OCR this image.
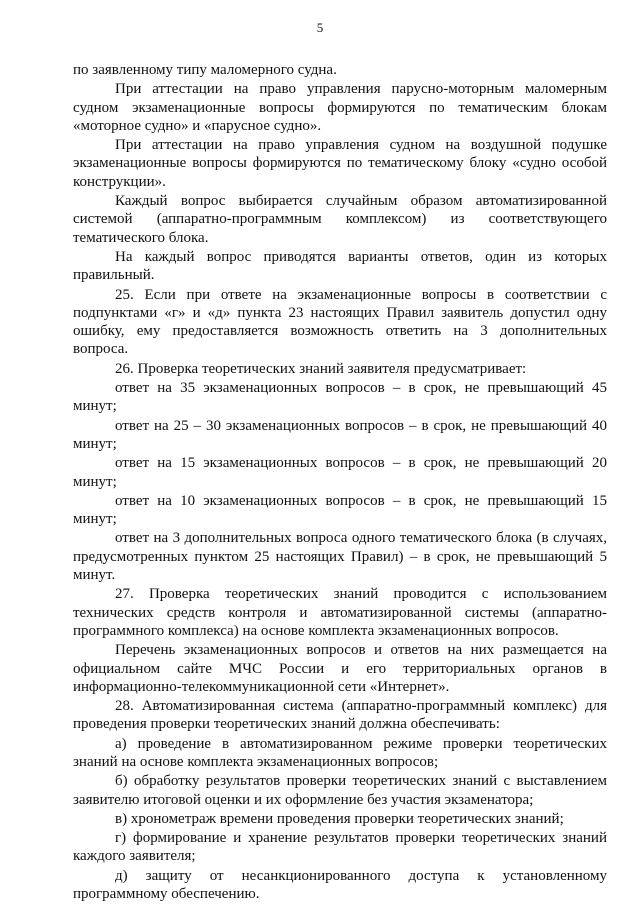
5

по заявленному типу маломерного судна.

При аттестации на право управления парусно-моторным маломерным судном экзаменационные вопросы формируются по тематическим блокам «моторное судно» и «парусное судно».

При аттестации на право управления судном на воздушной подушке экзаменационные вопросы формируются по тематическому блоку «судно особой конструкции».

Каждый вопрос выбирается случайным образом автоматизированной системой (аппаратно-программным комплексом) из соответствующего тематического блока.

На каждый вопрос приводятся варианты ответов, один из которых правильный.

25. Если при ответе на экзаменационные вопросы в соответствии с подпунктами «г» и «д» пункта 23 настоящих Правил заявитель допустил одну ошибку, ему предоставляется возможность ответить на 3 дополнительных вопроса.

26. Проверка теоретических знаний заявителя предусматривает:

ответ на 35 экзаменационных вопросов – в срок, не превышающий 45 минут;

ответ на 25 – 30 экзаменационных вопросов – в срок, не превышающий 40 минут;

ответ на 15 экзаменационных вопросов – в срок, не превышающий 20 минут;

ответ на 10 экзаменационных вопросов – в срок, не превышающий 15 минут;

ответ на 3 дополнительных вопроса одного тематического блока (в случаях, предусмотренных пунктом 25 настоящих Правил) – в срок, не превышающий 5 минут.

27. Проверка теоретических знаний проводится с использованием технических средств контроля и автоматизированной системы (аппаратно-программного комплекса) на основе комплекта экзаменационных вопросов.

Перечень экзаменационных вопросов и ответов на них размещается на официальном сайте МЧС России и его территориальных органов в информационно-телекоммуникационной сети «Интернет».

28. Автоматизированная система (аппаратно-программный комплекс) для проведения проверки теоретических знаний должна обеспечивать:

а) проведение в автоматизированном режиме проверки теоретических знаний на основе комплекта экзаменационных вопросов;

б) обработку результатов проверки теоретических знаний с выставлением заявителю итоговой оценки и их оформление без участия экзаменатора;

в) хронометраж времени проведения проверки теоретических знаний;

г) формирование и хранение результатов проверки теоретических знаний каждого заявителя;

д) защиту от несанкционированного доступа к установленному программному обеспечению.
